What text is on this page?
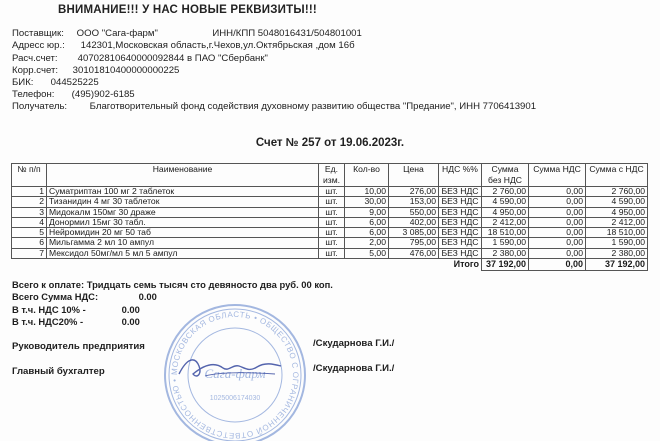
ВНИМАНИЕ!!! У НАС НОВЫЕ РЕКВИЗИТЫ!!!
Поставщик: ООО "Сага-фарм"	ИНН/КПП 5048016431/504801001
Адресс юр.: 142301,Московская область,г.Чехов,ул.Октябрьская ,дом 16б
Расч.счет: 40702810640000092844 в ПАО "Сбербанк"
Корр.счет: 30101810400000000225
БИК: 044525225
Телефон: (495)902-6185
Получатель: Благотворительный фонд содействия духовному развитию общества "Предание", ИНН 7706413901
Счет № 257 от 19.06.2023г.
№ п/п	Наименование	Ед. изм.	Кол-во	Цена	НДС %%	Сумма без НДС	Сумма НДС	Сумма с НДС
1	Суматриптан 100 мг 2 таблеток	шт.	10,00	276,00	БЕЗ НДС	2 760,00	0,00	2 760,00
2	Тизанидин 4 мг 30 таблеток	шт.	30,00	153,00	БЕЗ НДС	4 590,00	0,00	4 590,00
3	Мидокалм 150мг 30 драже	шт.	9,00	550,00	БЕЗ НДС	4 950,00	0,00	4 950,00
4	Донормил 15мг 30 табл.	шт.	6,00	402,00	БЕЗ НДС	2 412,00	0,00	2 412,00
5	Нейромидин 20 мг 50 таб	шт.	6,00	3 085,00	БЕЗ НДС	18 510,00	0,00	18 510,00
6	Мильгамма 2 мл 10 ампул	шт.	2,00	795,00	БЕЗ НДС	1 590,00	0,00	1 590,00
7	Мексидол 50мг/мл 5 мл 5 ампул	шт.	5,00	476,00	БЕЗ НДС	2 380,00	0,00	2 380,00
Итого						37 192,00	0,00	37 192,00
Всего к оплате: Тридцать семь тысяч сто девяносто два руб. 00 коп.
Всего Сумма НДС:	0.00
В т.ч. НДС 10% -	0.00
В т.ч. НДС20% -	0.00
МОСКОВСКАЯ ОБЛАСТЬ • ОБЩЕСТВО С ОГРАНИЧЕННОЙ ОТВЕТСТВЕННОСТЬЮ •	Сага-фарм
1025006174030
Руководитель предприятия	/Скударнова Г.И./
Главный бухгалтер	/Скударнова Г.И./
